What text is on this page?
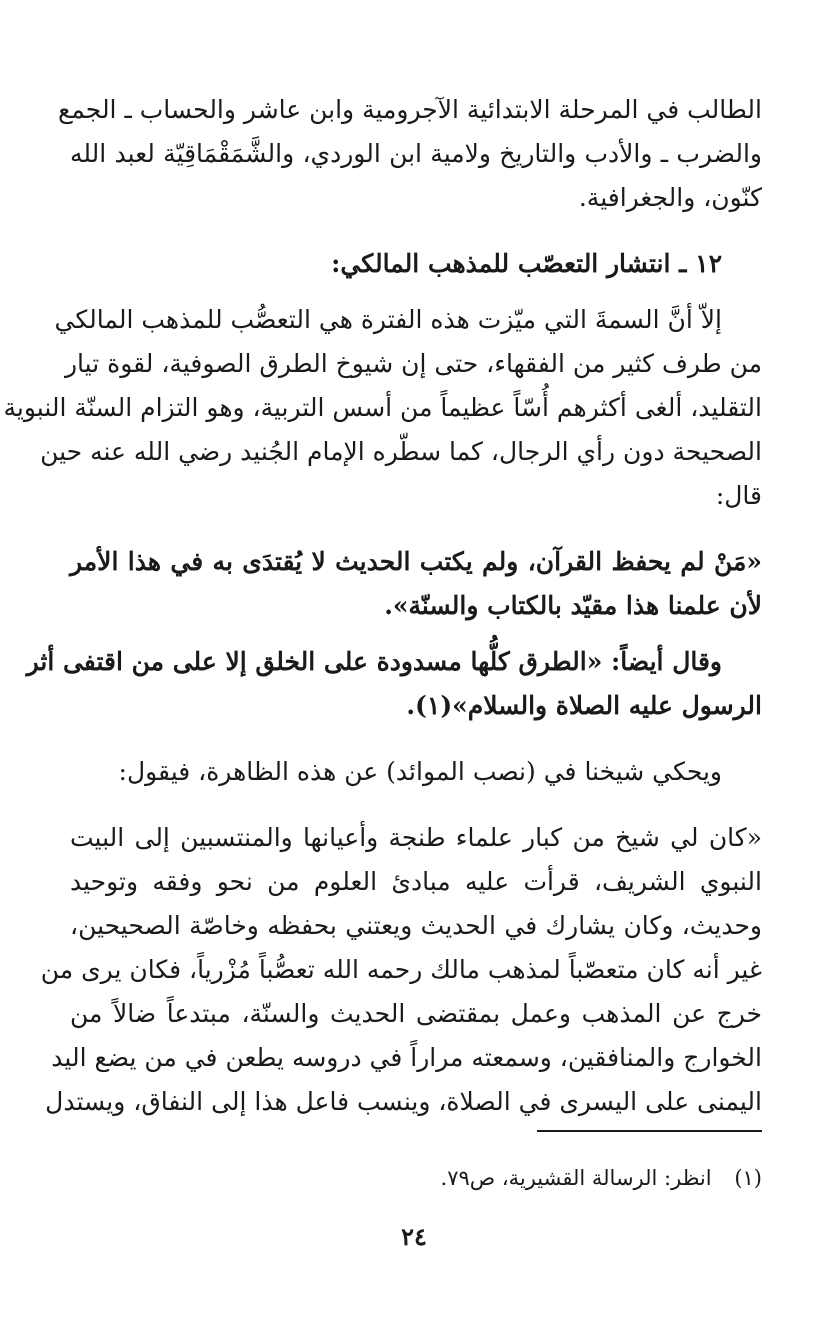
الطالب في المرحلة الابتدائية الآجرومية وابن عاشر والحساب ـ الجمع
والضرب ـ والأدب والتاريخ ولامية ابن الوردي، والشَّمَقْمَاقِيّة لعبد الله
كنّون، والجغرافية.
١٢ ـ انتشار التعصّب للمذهب المالكي:
إلاّ أنَّ السمةَ التي ميّزت هذه الفترة هي التعصُّب للمذهب المالكي
من طرف كثير من الفقهاء، حتى إن شيوخ الطرق الصوفية، لقوة تيار
التقليد، ألغى أكثرهم أُسّاً عظيماً من أسس التربية، وهو التزام السنّة النبوية
الصحيحة دون رأي الرجال، كما سطّره الإمام الجُنيد رضي الله عنه حين
قال:
«مَنْ لم يحفظ القرآن، ولم يكتب الحديث لا يُقتدَى به في هذا الأمر
لأن علمنا هذا مقيّد بالكتاب والسنّة».
وقال أيضاً: «الطرق كلُّها مسدودة على الخلق إلا على من اقتفى أثر
الرسول عليه الصلاة والسلام»(١).
ويحكي شيخنا في (نصب الموائد) عن هذه الظاهرة، فيقول:
«كان لي شيخ من كبار علماء طنجة وأعيانها والمنتسبين إلى البيت
النبوي الشريف، قرأت عليه مبادئ العلوم من نحو وفقه وتوحيد
وحديث، وكان يشارك في الحديث ويعتني بحفظه وخاصّة الصحيحين،
غير أنه كان متعصّباً لمذهب مالك رحمه الله تعصُّباً مُزْرياً، فكان يرى من
خرج عن المذهب وعمل بمقتضى الحديث والسنّة، مبتدعاً ضالاً من
الخوارج والمنافقين، وسمعته مراراً في دروسه يطعن في من يضع اليد
اليمنى على اليسرى في الصلاة، وينسب فاعل هذا إلى النفاق، ويستدل
(١) انظر: الرسالة القشيرية، ص٧٩.
٢٤
